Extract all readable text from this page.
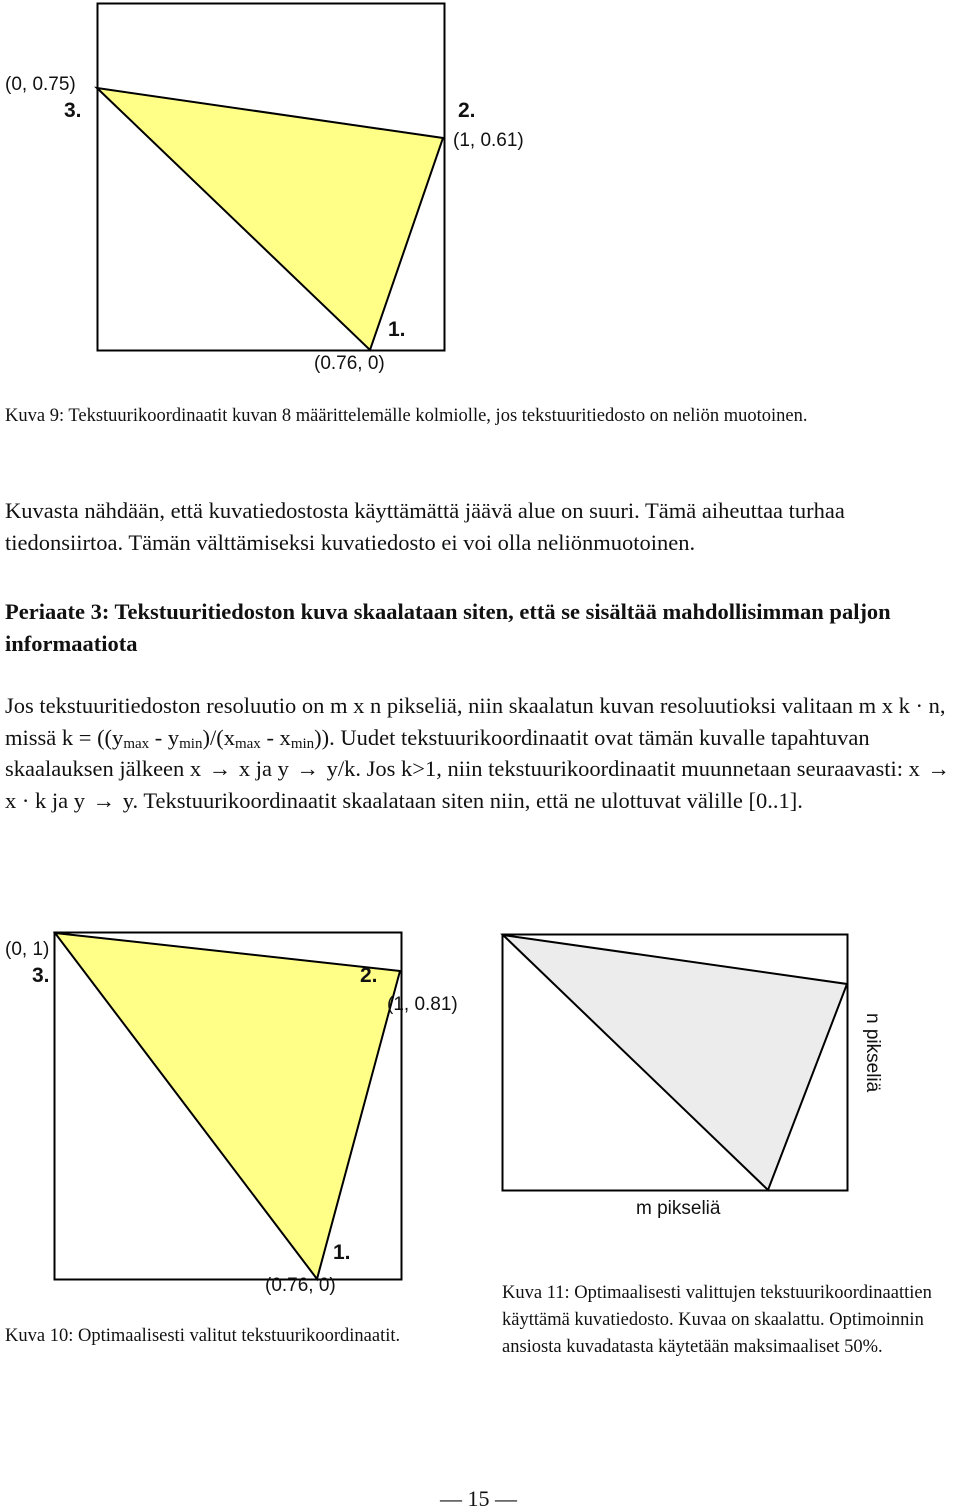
(0, 0.75)
3.	2.
(1, 0.61)
1.
(0.76, 0)
Kuva 9: Tekstuurikoordinaatit kuvan 8 määrittelemälle kolmiolle, jos tekstuuritiedosto on neliön muotoinen.

Kuvasta nähdään, että kuvatiedostosta käyttämättä jäävä alue on suuri. Tämä aiheuttaa turhaa tiedonsiirtoa. Tämän välttämiseksi kuvatiedosto ei voi olla neliönmuotoinen.

Periaate 3: Tekstuuritiedoston kuva skaalataan siten, että se sisältää mahdollisimman paljon informaatiota

Jos tekstuuritiedoston resoluutio on m x n pikseliä, niin skaalatun kuvan resoluutioksi valitaan m x k · n, missä $k = ((y_{max} - y_{min})/(x_{max} - x_{min}))$. Uudet tekstuurikoordinaatit ovat tämän kuvalle tapahtuvan skaalauksen jälkeen x → x ja y → y/k. Jos k>1, niin tekstuurikoordinaatit muunnetaan seuraavasti: x → x · k ja y → y. Tekstuurikoordinaatit skaalataan siten niin, että ne ulottuvat välille [0..1].

(0, 1)
3.	2.
(1, 0.81)
1.
(0.76, 0)
Kuva 10: Optimaalisesti valitut tekstuurikoordinaatit.
n pikseliä
m pikseliä
Kuva 11: Optimaalisesti valittujen tekstuurikoordinaattien käyttämä kuvatiedosto. Kuvaa on skaalattu. Optimoinnin ansiosta kuvadatasta käytetään maksimaaliset 50%.
— 15 —
